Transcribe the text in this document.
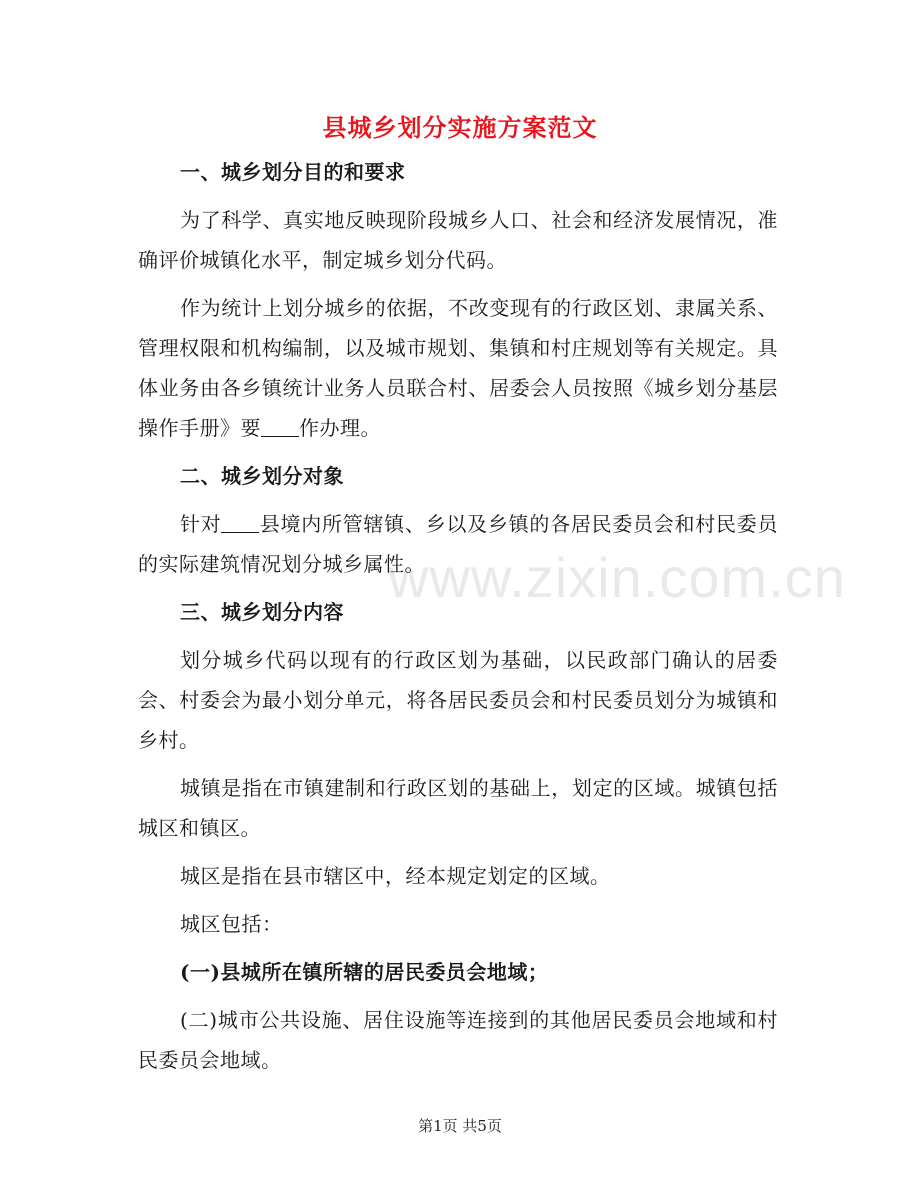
www.zixin.com.cn
县城乡划分实施方案范文
一、城乡划分目的和要求
为了科学、真实地反映现阶段城乡人口、社会和经济发展情况，准确评价城镇化水平，制定城乡划分代码。
作为统计上划分城乡的依据，不改变现有的行政区划、隶属关系、管理权限和机构编制，以及城市规划、集镇和村庄规划等有关规定。具体业务由各乡镇统计业务人员联合村、居委会人员按照《城乡划分基层操作手册》要 作办理。
二、城乡划分对象
针对 县境内所管辖镇、乡以及乡镇的各居民委员会和村民委员的实际建筑情况划分城乡属性。
三、城乡划分内容
划分城乡代码以现有的行政区划为基础，以民政部门确认的居委会、村委会为最小划分单元，将各居民委员会和村民委员划分为城镇和乡村。
城镇是指在市镇建制和行政区划的基础上，划定的区域。城镇包括城区和镇区。
城区是指在县市辖区中，经本规定划定的区域。
城区包括：
(一)县城所在镇所辖的居民委员会地域；
(二)城市公共设施、居住设施等连接到的其他居民委员会地域和村民委员会地域。
第1页 共5页
